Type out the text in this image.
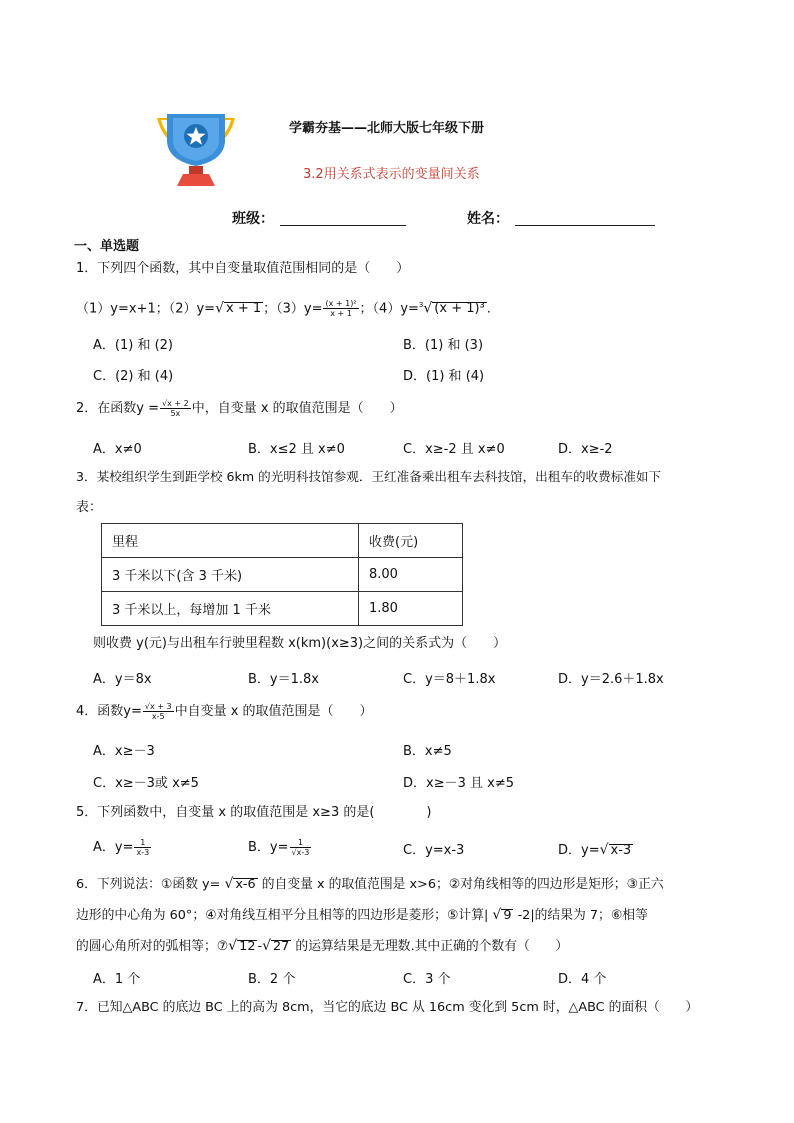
学霸夯基——北师大版七年级下册
3.2用关系式表示的变量间关系
班级：	姓名：
一、单选题
1．下列四个函数，其中自变量取值范围相同的是（　　）
（1）y=x+1；（2）y=√ x + 1 ；$(3)y= \frac{\text{(x + 1)²}}{x + 1}$ ；（4）y=$^3$√ (x + 1)³ .
A．(1) 和 (2)	B．(1) 和 (3)
C．(2) 和 (4)	D．(1) 和 (4)
2．在函数$y = \frac{√x + 2}{5x}$ 中，自变量 x 的取值范围是（　　）
A．x≠0	B．x≤2 且 x≠0	C．x≥-2 且 x≠0	D．x≥-2
3．某校组织学生到距学校 6km 的光明科技馆参观．王红准备乘出租车去科技馆，出租车的收费标准如下
表：
里程	收费(元)
3 千米以下(含 3 千米)	8.00
3 千米以上，每增加 1 千米	1.80
则收费 y(元)与出租车行驶里程数 x(km)(x≥3)之间的关系式为（　　）
A．y＝8x	B．y＝1.8x	C．y＝8＋1.8x	D．y＝2.6＋1.8x
4．函数$y= \frac{√x + 3}{x-5}$ 中自变量 x 的取值范围是（　　）
A．x≥－3	B．x≠5
C．x≥－3或 x≠5	D．x≥－3 且 x≠5
5．下列函数中，自变量 x 的取值范围是 x≥3 的是(　　　　)
A．$y= \frac{1}{x-3}$	B．$y= \frac{1}{√x-3}$	C．y=x-3	D．y=√ x-3
6．下列说法：①函数 y= √ x-6 的自变量 x 的取值范围是 x>6；②对角线相等的四边形是矩形；③正六
边形的中心角为 60°；④对角线互相平分且相等的四边形是菱形；⑤计算| √ 9 -2|的结果为 7；⑥相等
的圆心角所对的弧相等；⑦√ 12 -√ 27 的运算结果是无理数.其中正确的个数有（　　）
A．1 个	B．2 个	C．3 个	D．4 个
7．已知△ABC 的底边 BC 上的高为 8cm，当它的底边 BC 从 16cm 变化到 5cm 时，△ABC 的面积（　　）
